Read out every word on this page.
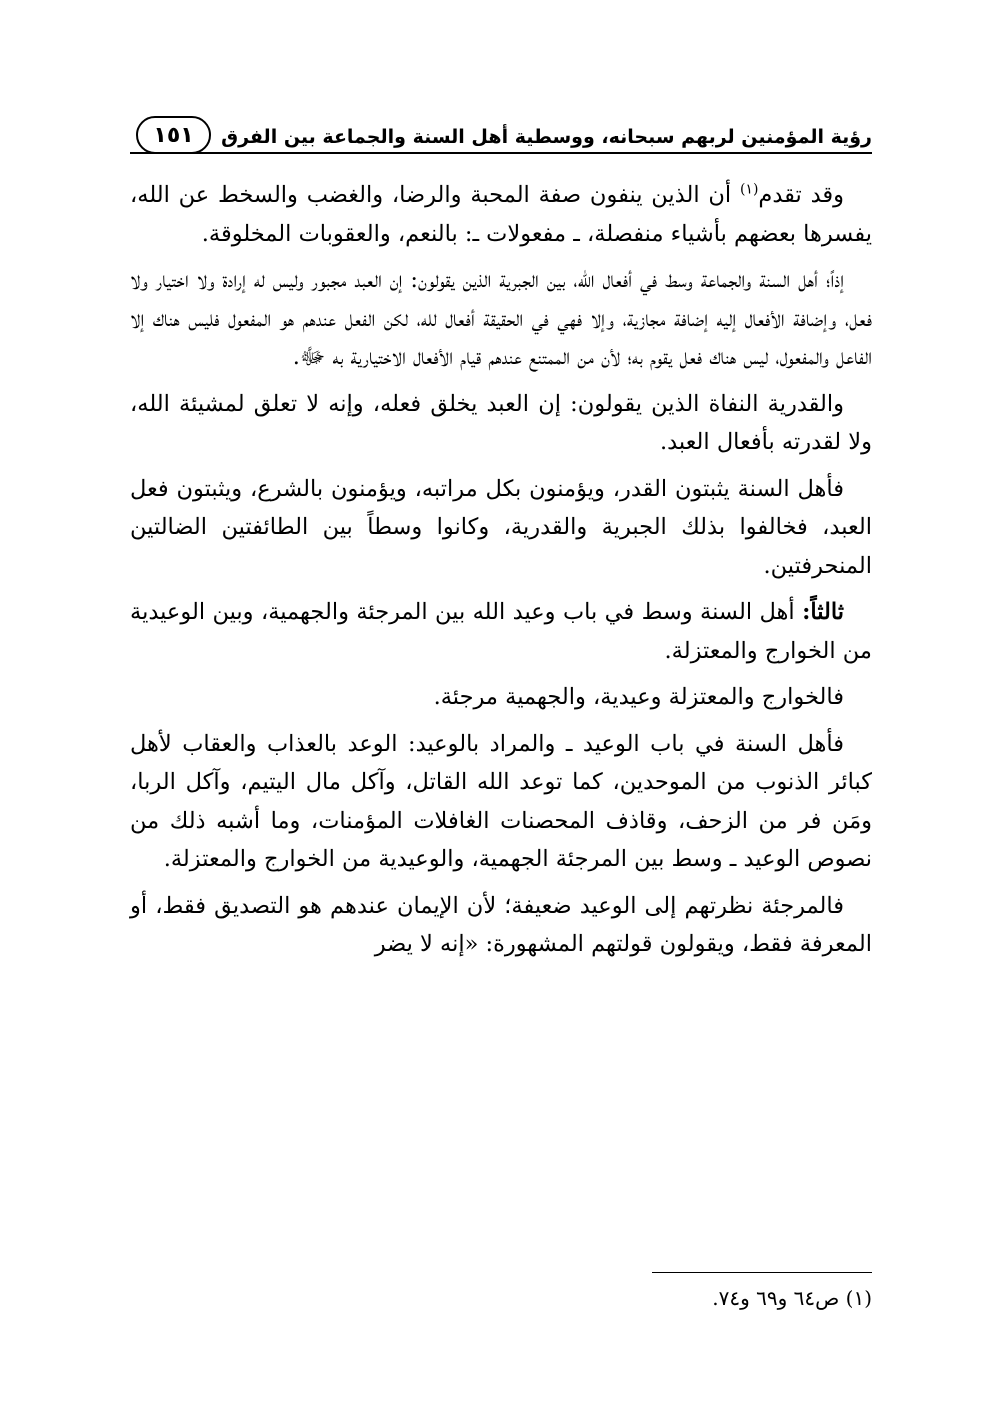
رؤية المؤمنين لربهم سبحانه، ووسطية أهل السنة والجماعة بين الفرق
١٥١

وقد تقدم$^{(١)}$ أن الذين ينفون صفة المحبة والرضا، والغضب والسخط عن الله، يفسرها بعضهم بأشياء منفصلة، ـ مفعولات ـ: بالنعم، والعقوبات المخلوقة.

إذاً؛ أهل السنة والجماعة وسط في أفعال الله، بين الجبرية الذين يقولون: إن العبد مجبور وليس له إرادة ولا اختيار ولا فعل، وإضافة الأفعال إليه إضافة مجازية، وإلا فهي في الحقيقة أفعال لله، لكن الفعل عندهم هو المفعول فليس هناك إلا الفاعل والمفعول، ليس هناك فعل يقوم به؛ لأن من الممتنع عندهم قيام الأفعال الاختيارية به ﷻ.

والقدرية النفاة الذين يقولون: إن العبد يخلق فعله، وإنه لا تعلق لمشيئة الله، ولا لقدرته بأفعال العبد.

فأهل السنة يثبتون القدر، ويؤمنون بكل مراتبه، ويؤمنون بالشرع، ويثبتون فعل العبد، فخالفوا بذلك الجبرية والقدرية، وكانوا وسطاً بين الطائفتين الضالتين المنحرفتين.

ثالثاً: أهل السنة وسط في باب وعيد الله بين المرجئة والجهمية، وبين الوعيدية من الخوارج والمعتزلة.

فالخوارج والمعتزلة وعيدية، والجهمية مرجئة.

فأهل السنة في باب الوعيد ـ والمراد بالوعيد: الوعد بالعذاب والعقاب لأهل كبائر الذنوب من الموحدين، كما توعد الله القاتل، وآكل مال اليتيم، وآكل الربا، ومَن فر من الزحف، وقاذف المحصنات الغافلات المؤمنات، وما أشبه ذلك من نصوص الوعيد ـ وسط بين المرجئة الجهمية، والوعيدية من الخوارج والمعتزلة.

فالمرجئة نظرتهم إلى الوعيد ضعيفة؛ لأن الإيمان عندهم هو التصديق فقط، أو المعرفة فقط، ويقولون قولتهم المشهورة: «إنه لا يضر

(١) ص٦٤ و٦٩ و٧٤.
